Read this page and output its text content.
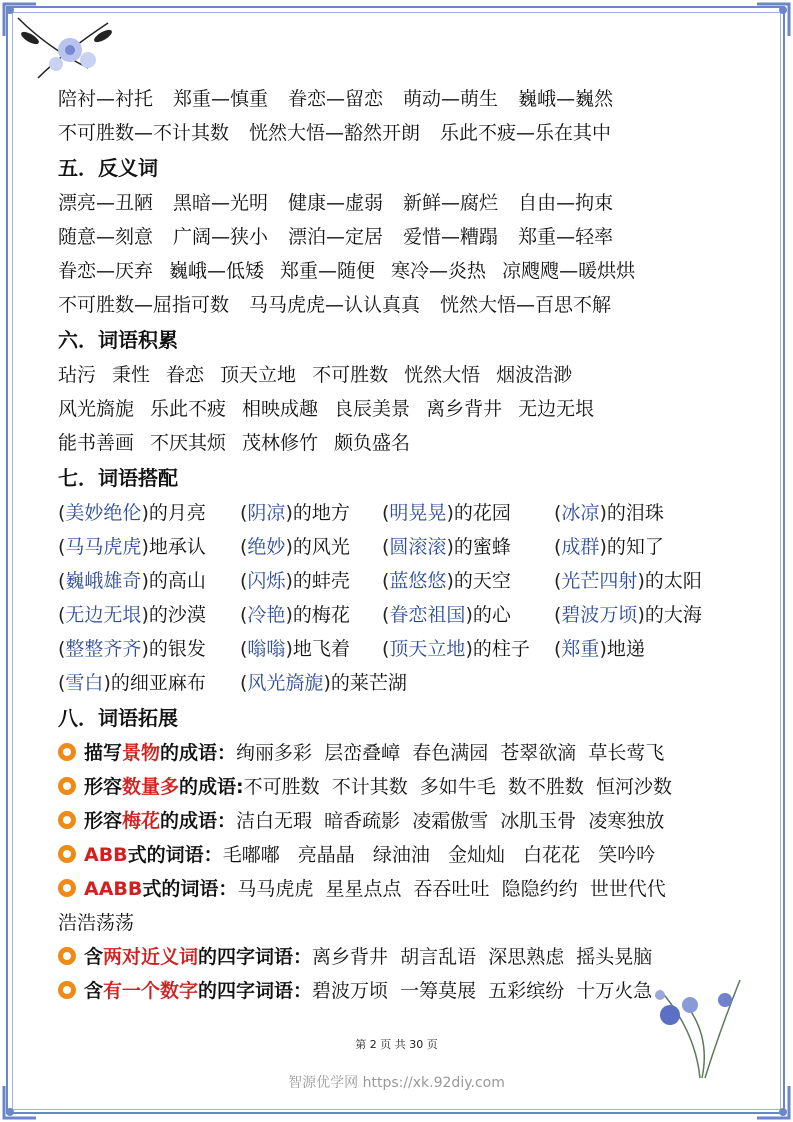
陪衬—衬托 郑重—慎重 眷恋—留恋 萌动—萌生 巍峨—巍然
不可胜数—不计其数 恍然大悟—豁然开朗 乐此不疲—乐在其中
五．反义词
漂亮—丑陋 黑暗—光明 健康—虚弱 新鲜—腐烂 自由—拘束
随意—刻意 广阔—狭小 漂泊—定居 爱惜—糟蹋 郑重—轻率
眷恋—厌弃 巍峨—低矮 郑重—随便 寒冷—炎热 凉飕飕—暖烘烘
不可胜数—屈指可数 马马虎虎—认认真真 恍然大悟—百思不解
六．词语积累
玷污 秉性 眷恋 顶天立地 不可胜数 恍然大悟 烟波浩渺
风光旖旎 乐此不疲 相映成趣 良辰美景 离乡背井 无边无垠
能书善画 不厌其烦 茂林修竹 颇负盛名
七．词语搭配
(美妙绝伦)的月亮 (阴凉)的地方 (明晃晃)的花园 (冰凉)的泪珠
(马马虎虎)地承认 (绝妙)的风光 (圆滚滚)的蜜蜂 (成群)的知了
(巍峨雄奇)的高山 (闪烁)的蚌壳 (蓝悠悠)的天空 (光芒四射)的太阳
(无边无垠)的沙漠 (冷艳)的梅花 (眷恋祖国)的心 (碧波万顷)的大海
(整整齐齐)的银发 (嗡嗡)地飞着 (顶天立地)的柱子 (郑重)地递
(雪白)的细亚麻布 (风光旖旎)的莱芒湖
八．词语拓展
描写景物的成语：绚丽多彩  层峦叠嶂  春色满园  苍翠欲滴  草长莺飞
形容数量多的成语:不可胜数  不计其数  多如牛毛  数不胜数  恒河沙数
形容梅花的成语：洁白无瑕  暗香疏影  凌霜傲雪  冰肌玉骨  凌寒独放
ABB式的词语：毛嘟嘟   亮晶晶   绿油油   金灿灿   白花花   笑吟吟
AABB式的词语：马马虎虎  星星点点  吞吞吐吐  隐隐约约  世世代代
浩浩荡荡
含两对近义词的四字词语：离乡背井  胡言乱语  深思熟虑  摇头晃脑
含有一个数字的四字词语：碧波万顷  一筹莫展  五彩缤纷  十万火急
第 2 页 共 30 页
智源优学网 https://xk.92diy.com
